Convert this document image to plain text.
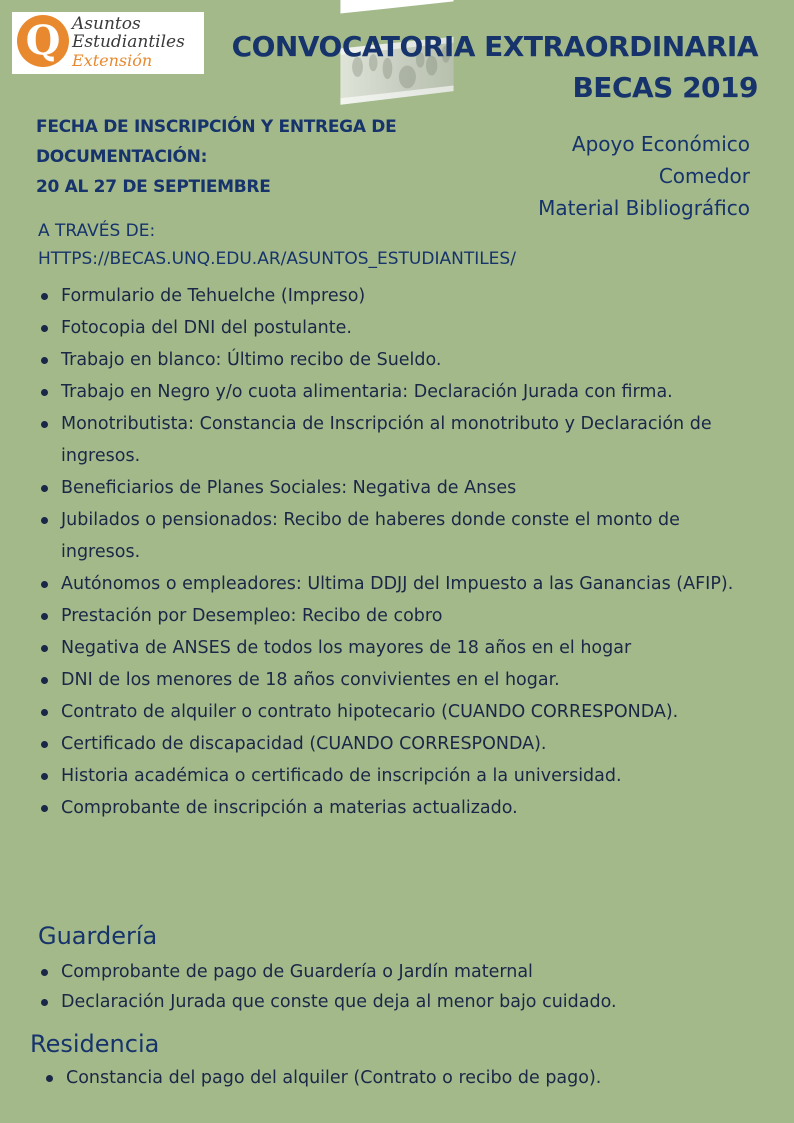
Q Asuntos
Estudiantiles
Extensión	CONVOCATORIA EXTRAORDINARIA
BECAS 2019
FECHA DE INSCRIPCIÓN Y ENTREGA DE
DOCUMENTACIÓN:
20 AL 27 DE SEPTIEMBRE
Apoyo Económico
Comedor
Material Bibliográfico
A TRAVÉS DE:
HTTPS://BECAS.UNQ.EDU.AR/ASUNTOS_ESTUDIANTILES/
Formulario de Tehuelche (Impreso)
Fotocopia del DNI del postulante.
Trabajo en blanco: Último recibo de Sueldo.
Trabajo en Negro y/o cuota alimentaria: Declaración Jurada con firma.
Monotributista: Constancia de Inscripción al monotributo y Declaración de ingresos.
Beneficiarios de Planes Sociales: Negativa de Anses
Jubilados o pensionados: Recibo de haberes donde conste el monto de ingresos.
Autónomos o empleadores: Ultima DDJJ del Impuesto a las Ganancias (AFIP).
Prestación por Desempleo: Recibo de cobro
Negativa de ANSES de todos los mayores de 18 años en el hogar
DNI de los menores de 18 años convivientes en el hogar.
Contrato de alquiler o contrato hipotecario (CUANDO CORRESPONDA).
Certificado de discapacidad (CUANDO CORRESPONDA).
Historia académica o certificado de inscripción a la universidad.
Comprobante de inscripción a materias actualizado.
Guardería
Comprobante de pago de Guardería o Jardín maternal
Declaración Jurada que conste que deja al menor bajo cuidado.
Residencia
Constancia del pago del alquiler (Contrato o recibo de pago).
